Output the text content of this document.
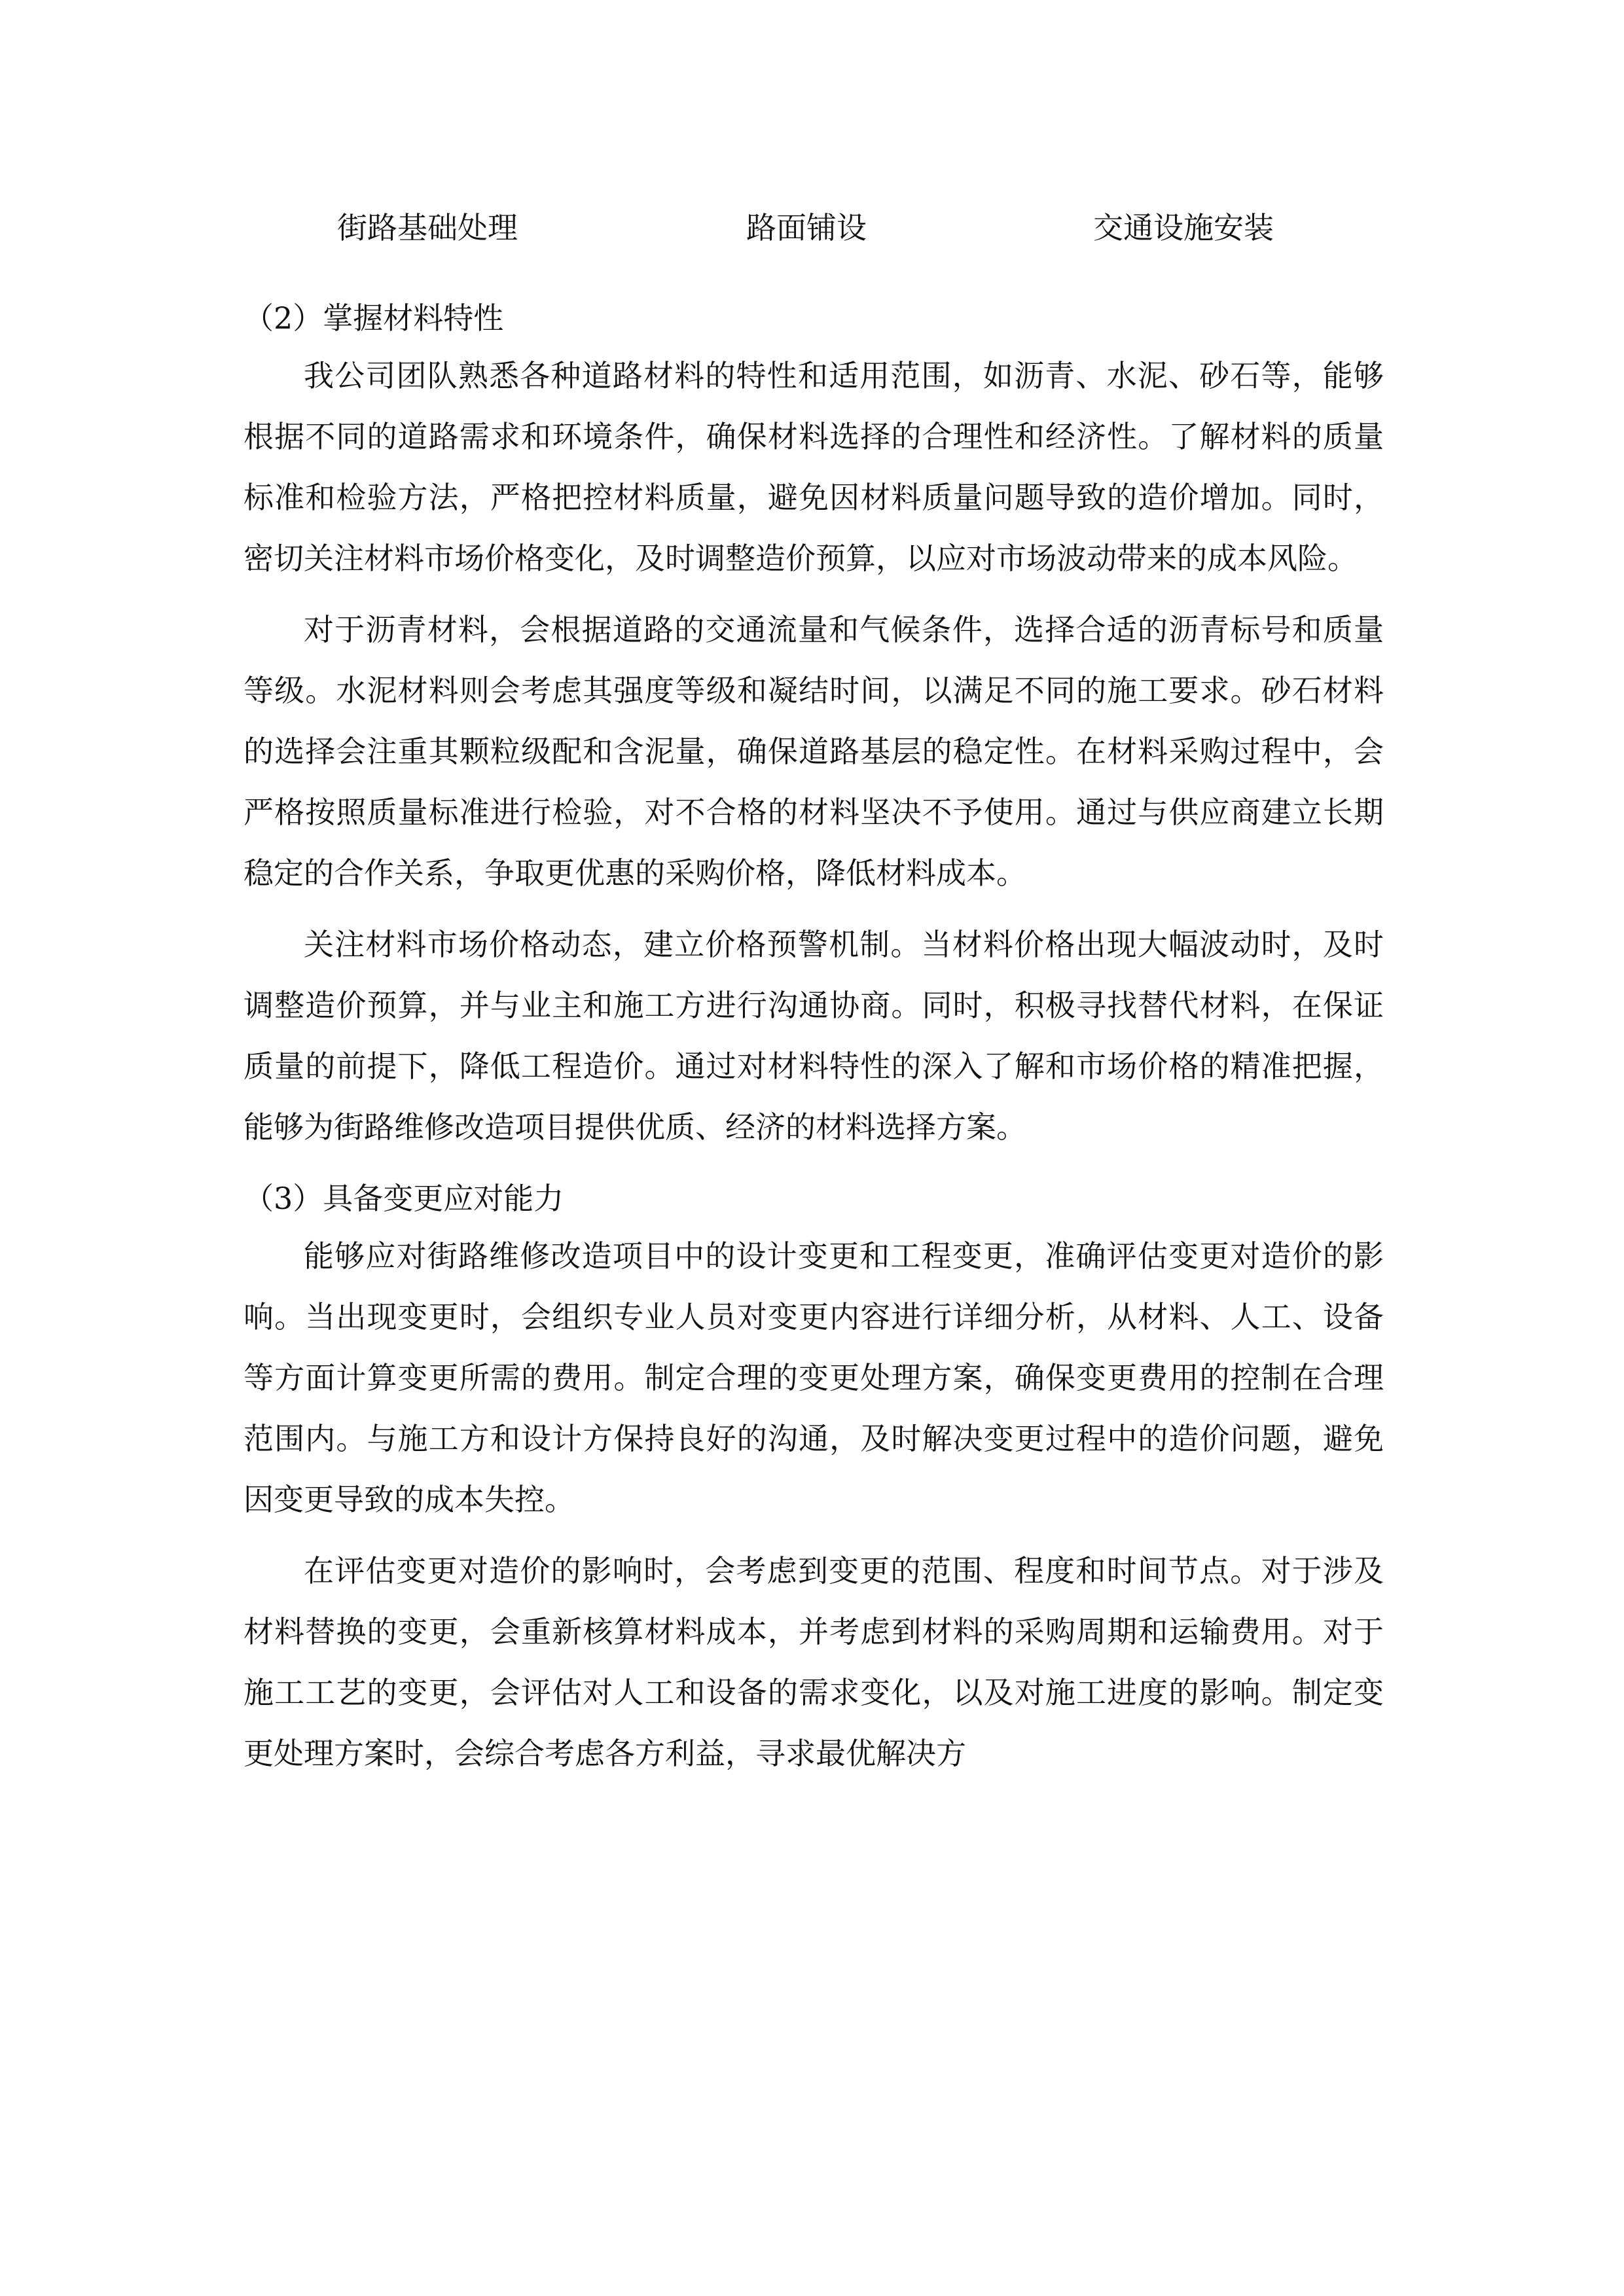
街路基础处理	路面铺设	交通设施安装

（2）掌握材料特性

我公司团队熟悉各种道路材料的特性和适用范围，如沥青、水泥、砂石等，能够根据不同的道路需求和环境条件，确保材料选择的合理性和经济性。了解材料的质量标准和检验方法，严格把控材料质量，避免因材料质量问题导致的造价增加。同时，密切关注材料市场价格变化，及时调整造价预算，以应对市场波动带来的成本风险。

对于沥青材料，会根据道路的交通流量和气候条件，选择合适的沥青标号和质量等级。水泥材料则会考虑其强度等级和凝结时间，以满足不同的施工要求。砂石材料的选择会注重其颗粒级配和含泥量，确保道路基层的稳定性。在材料采购过程中，会严格按照质量标准进行检验，对不合格的材料坚决不予使用。通过与供应商建立长期稳定的合作关系，争取更优惠的采购价格，降低材料成本。

关注材料市场价格动态，建立价格预警机制。当材料价格出现大幅波动时，及时调整造价预算，并与业主和施工方进行沟通协商。同时，积极寻找替代材料，在保证质量的前提下，降低工程造价。通过对材料特性的深入了解和市场价格的精准把握，能够为街路维修改造项目提供优质、经济的材料选择方案。

（3）具备变更应对能力

能够应对街路维修改造项目中的设计变更和工程变更，准确评估变更对造价的影响。当出现变更时，会组织专业人员对变更内容进行详细分析，从材料、人工、设备等方面计算变更所需的费用。制定合理的变更处理方案，确保变更费用的控制在合理范围内。与施工方和设计方保持良好的沟通，及时解决变更过程中的造价问题，避免因变更导致的成本失控。

在评估变更对造价的影响时，会考虑到变更的范围、程度和时间节点。对于涉及材料替换的变更，会重新核算材料成本，并考虑到材料的采购周期和运输费用。对于施工工艺的变更，会评估对人工和设备的需求变化，以及对施工进度的影响。制定变更处理方案时，会综合考虑各方利益，寻求最优解决方
